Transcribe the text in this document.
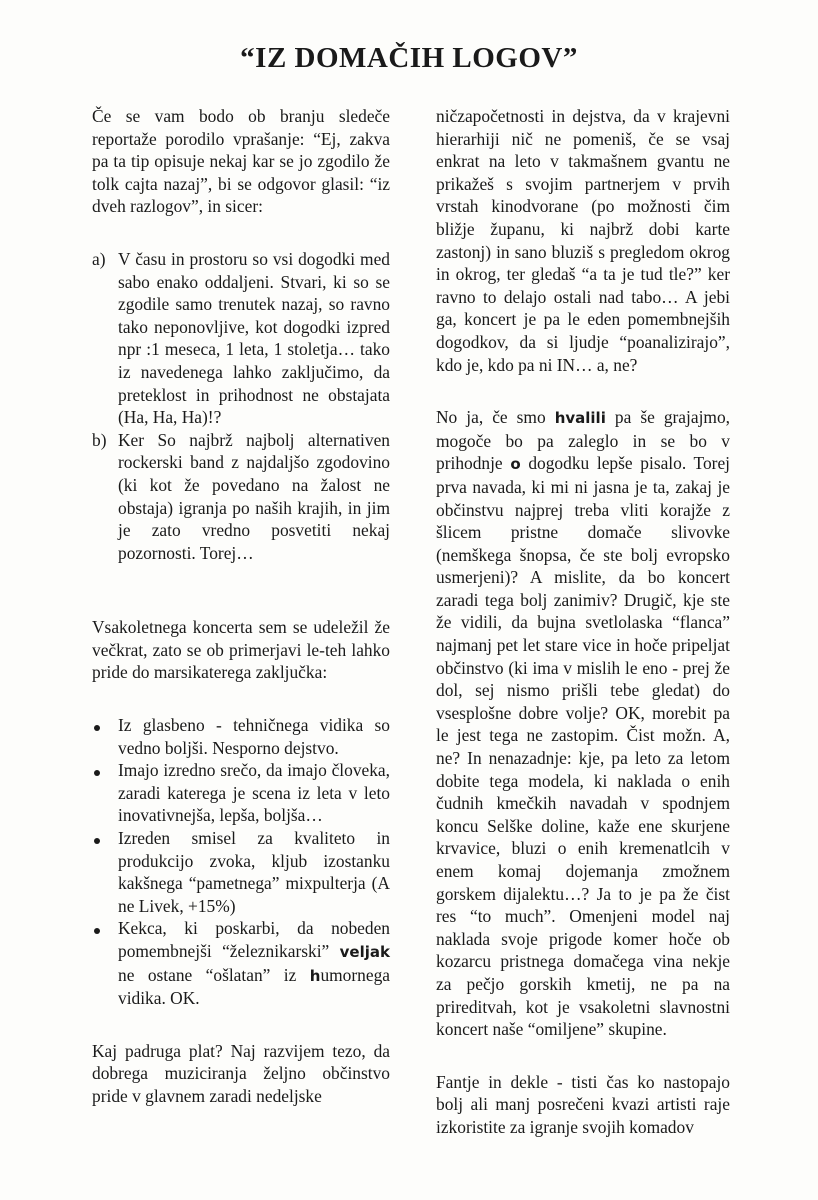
“IZ DOMAČIH LOGOV”

Če se vam bodo ob branju sledeče reportaže porodilo vprašanje: “Ej, zakva pa ta tip opisuje nekaj kar se jo zgodilo že tolk cajta nazaj”, bi se odgovor glasil: “iz dveh razlogov”, in sicer:

a) V času in prostoru so vsi dogodki med sabo enako oddaljeni. Stvari, ki so se zgodile samo trenutek nazaj, so ravno tako neponovljive, kot dogodki izpred npr :1 meseca, 1 leta, 1 stoletja… tako iz navedenega lahko zaključimo, da preteklost in prihodnost ne obstajata (Ha, Ha, Ha)!?
b) Ker So najbrž najbolj alternativen rockerski band z najdaljšo zgodovino (ki kot že povedano na žalost ne obstaja) igranja po naših krajih, in jim je zato vredno posvetiti nekaj pozornosti. Torej…

Vsakoletnega koncerta sem se udeležil že večkrat, zato se ob primerjavi le-teh lahko pride do marsikaterega zaključka:

Iz glasbeno - tehničnega vidika so vedno boljši. Nesporno dejstvo.
Imajo izredno srečo, da imajo človeka, zaradi katerega je scena iz leta v leto inovativnejša, lepša, boljša…
Izreden smisel za kvaliteto in produkcijo zvoka, kljub izostanku kakšnega “pametnega” mixpulterja (A ne Livek, +15%)
Kekca, ki poskarbi, da nobeden pomembnejši “železnikarski” veljak ne ostane “ošlatan” iz humornega vidika. OK.

Kaj padruga plat? Naj razvijem tezo, da dobrega muziciranja željno občinstvo pride v glavnem zaradi nedeljske

ničzapočetnosti in dejstva, da v krajevni hierarhiji nič ne pomeniš, če se vsaj enkrat na leto v takmašnem gvantu ne prikažeš s svojim partnerjem v prvih vrstah kinodvorane (po možnosti čim bližje županu, ki najbrž dobi karte zastonj) in sano bluziš s pregledom okrog in okrog, ter gledaš “a ta je tud tle?” ker ravno to delajo ostali nad tabo… A jebi ga, koncert je pa le eden pomembnejših dogodkov, da si ljudje “poanalizirajo”, kdo je, kdo pa ni IN… a, ne?

No ja, če smo hvalili pa še grajajmo, mogoče bo pa zaleglo in se bo v prihodnje o dogodku lepše pisalo. Torej prva navada, ki mi ni jasna je ta, zakaj je občinstvu najprej treba vliti korajže z šlicem pristne domače slivovke (nemškega šnopsa, če ste bolj evropsko usmerjeni)? A mislite, da bo koncert zaradi tega bolj zanimiv? Drugič, kje ste že vidili, da bujna svetlolaska “flanca” najmanj pet let stare vice in hoče pripeljat občinstvo (ki ima v mislih le eno - prej že dol, sej nismo prišli tebe gledat) do vsesplošne dobre volje? OK, morebit pa le jest tega ne zastopim. Čist možn. A, ne? In nenazadnje: kje, pa leto za letom dobite tega modela, ki naklada o enih čudnih kmečkih navadah v spodnjem koncu Selške doline, kaže ene skurjene krvavice, bluzi o enih kremenatlcih v enem komaj dojemanja zmožnem gorskem dijalektu…? Ja to je pa že čist res “to much”. Omenjeni model naj naklada svoje prigode komer hoče ob kozarcu pristnega domačega vina nekje za pečjo gorskih kmetij, ne pa na prireditvah, kot je vsakoletni slavnostni koncert naše “omiljene” skupine.

Fantje in dekle - tisti čas ko nastopajo bolj ali manj posrečeni kvazi artisti raje izkoristite za igranje svojih komadov
